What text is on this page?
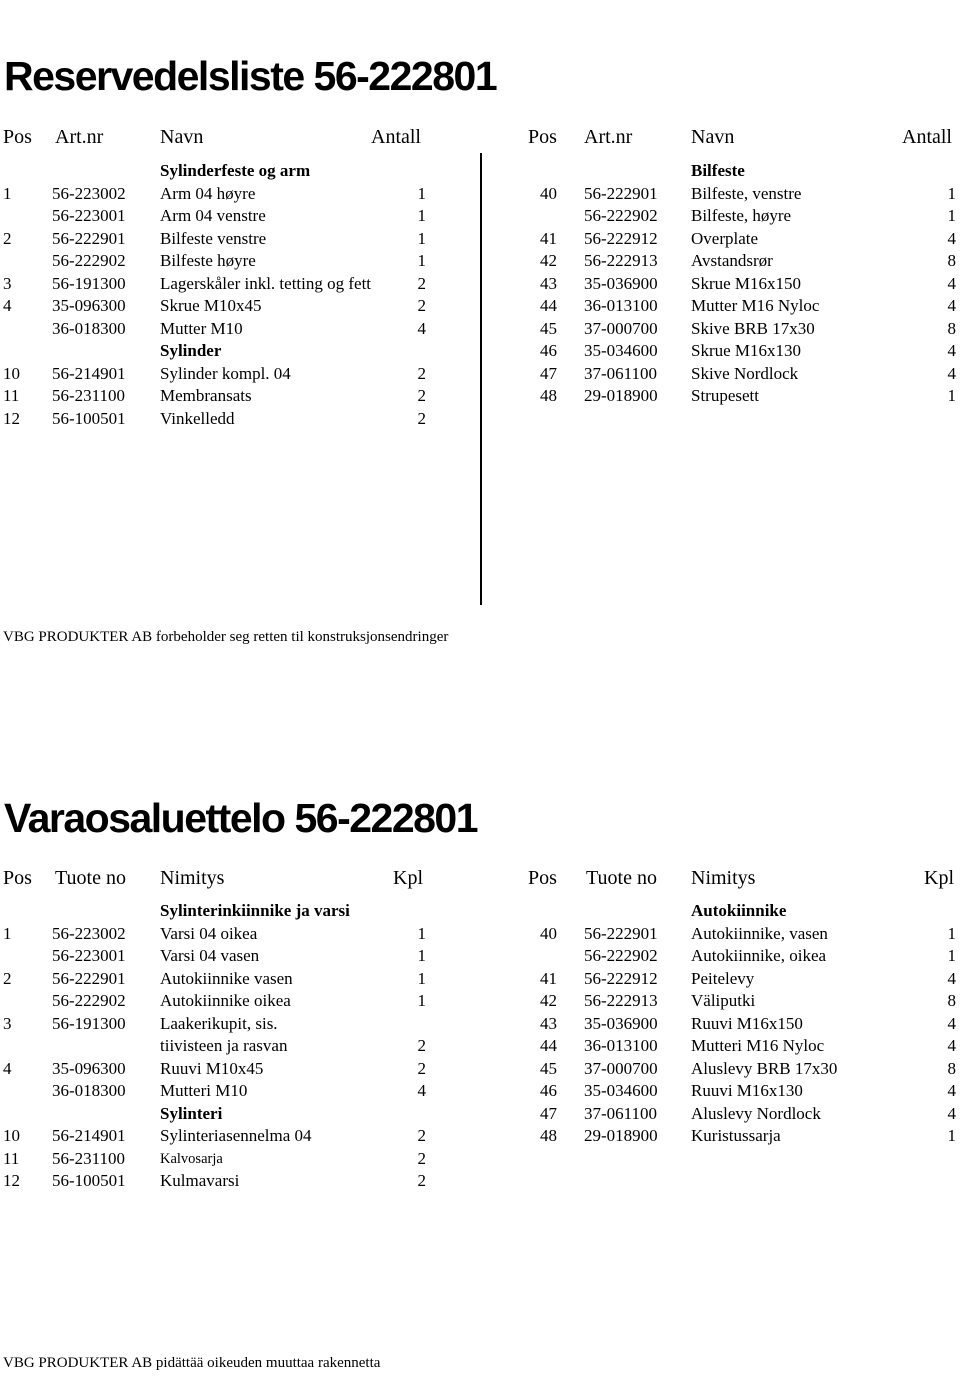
Reservedelsliste 56-222801
Pos Art.nr	Navn	Antall	Pos Art.nr	Navn	Antall
Sylinderfeste og arm
1 56-223002 Arm 04 høyre	1
56-223001 Arm 04 venstre	1
2 56-222901 Bilfeste venstre	1
56-222902 Bilfeste høyre	1
3 56-191300 Lagerskåler inkl. tetting og fett	2
4 35-096300 Skrue M10x45	2
36-018300 Mutter M10	4
Sylinder
10 56-214901 Sylinder kompl. 04	2
11 56-231100 Membransats	2
12 56-100501 Vinkelledd	2
Bilfeste
40 56-222901 Bilfeste, venstre	1
56-222902 Bilfeste, høyre	1
41 56-222912 Overplate	4
42 56-222913 Avstandsrør	8
43 35-036900 Skrue M16x150	4
44 36-013100 Mutter M16 Nyloc	4
45 37-000700 Skive BRB 17x30	8
46 35-034600 Skrue M16x130	4
47 37-061100 Skive Nordlock	4
48 29-018900 Strupesett	1
VBG PRODUKTER AB forbeholder seg retten til konstruksjonsendringer
Varaosaluettelo 56-222801
Pos Tuote no Nimitys	Kpl	Pos Tuote no Nimitys	Kpl
Sylinterinkiinnike ja varsi
1 56-223002 Varsi 04 oikea	1
56-223001 Varsi 04 vasen	1
2 56-222901 Autokiinnike vasen	1
56-222902 Autokiinnike oikea	1
3 56-191300 Laakerikupit, sis.
tiivisteen ja rasvan	2
4 35-096300 Ruuvi M10x45	2
36-018300 Mutteri M10	4
Sylinteri
10 56-214901 Sylinteriasennelma 04	2
11 56-231100 Kalvosarja	2
12 56-100501 Kulmavarsi	2
Autokiinnike
40 56-222901 Autokiinnike, vasen	1
56-222902 Autokiinnike, oikea	1
41 56-222912 Peitelevy	4
42 56-222913 Väliputki	8
43 35-036900 Ruuvi M16x150	4
44 36-013100 Mutteri M16 Nyloc	4
45 37-000700 Aluslevy BRB 17x30	8
46 35-034600 Ruuvi M16x130	4
47 37-061100 Aluslevy Nordlock	4
48 29-018900 Kuristussarja	1
VBG PRODUKTER AB pidättää oikeuden muuttaa rakennetta
